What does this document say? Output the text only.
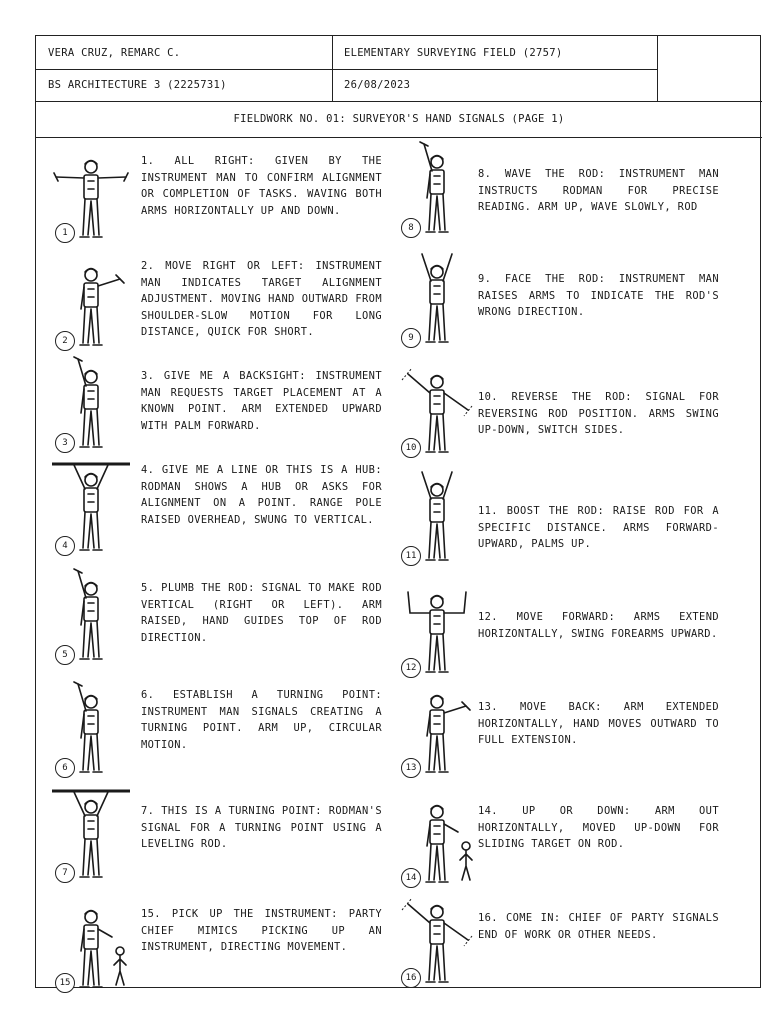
VERA CRUZ, REMARC C.	ELEMENTARY SURVEYING FIELD (2757)
BS ARCHITECTURE 3 (2225731)	26/08/2023
FIELDWORK NO. 01: SURVEYOR'S HAND SIGNALS (PAGE 1)
1
1. ALL RIGHT: GIVEN BY THE INSTRUMENT MAN TO CONFIRM ALIGNMENT OR COMPLETION OF TASKS. WAVING BOTH ARMS HORIZONTALLY UP AND DOWN.
2
2. MOVE RIGHT OR LEFT: INSTRUMENT MAN INDICATES TARGET ALIGNMENT ADJUSTMENT. MOVING HAND OUTWARD FROM SHOULDER-SLOW MOTION FOR LONG DISTANCE, QUICK FOR SHORT.
3
3. GIVE ME A BACKSIGHT: INSTRUMENT MAN REQUESTS TARGET PLACEMENT AT A KNOWN POINT. ARM EXTENDED UPWARD WITH PALM FORWARD.
4
4. GIVE ME A LINE OR THIS IS A HUB: RODMAN SHOWS A HUB OR ASKS FOR ALIGNMENT ON A POINT. RANGE POLE RAISED OVERHEAD, SWUNG TO VERTICAL.
5
5. PLUMB THE ROD: SIGNAL TO MAKE ROD VERTICAL (RIGHT OR LEFT). ARM RAISED, HAND GUIDES TOP OF ROD DIRECTION.
6
6. ESTABLISH A TURNING POINT: INSTRUMENT MAN SIGNALS CREATING A TURNING POINT. ARM UP, CIRCULAR MOTION.
7
7. THIS IS A TURNING POINT: RODMAN'S SIGNAL FOR A TURNING POINT USING A LEVELING ROD.
15
15. PICK UP THE INSTRUMENT: PARTY CHIEF MIMICS PICKING UP AN INSTRUMENT, DIRECTING MOVEMENT.
8
8. WAVE THE ROD: INSTRUMENT MAN INSTRUCTS RODMAN FOR PRECISE READING. ARM UP, WAVE SLOWLY, ROD
9
9. FACE THE ROD: INSTRUMENT MAN RAISES ARMS TO INDICATE THE ROD'S WRONG DIRECTION.
10
10. REVERSE THE ROD: SIGNAL FOR REVERSING ROD POSITION. ARMS SWING UP-DOWN, SWITCH SIDES.
11
11. BOOST THE ROD: RAISE ROD FOR A SPECIFIC DISTANCE. ARMS FORWARD-UPWARD, PALMS UP.
12
12. MOVE FORWARD: ARMS EXTEND HORIZONTALLY, SWING FOREARMS UPWARD.
13
13. MOVE BACK: ARM EXTENDED HORIZONTALLY, HAND MOVES OUTWARD TO FULL EXTENSION.
14
14. UP OR DOWN: ARM OUT HORIZONTALLY, MOVED UP-DOWN FOR SLIDING TARGET ON ROD.
16
16. COME IN: CHIEF OF PARTY SIGNALS END OF WORK OR OTHER NEEDS.
